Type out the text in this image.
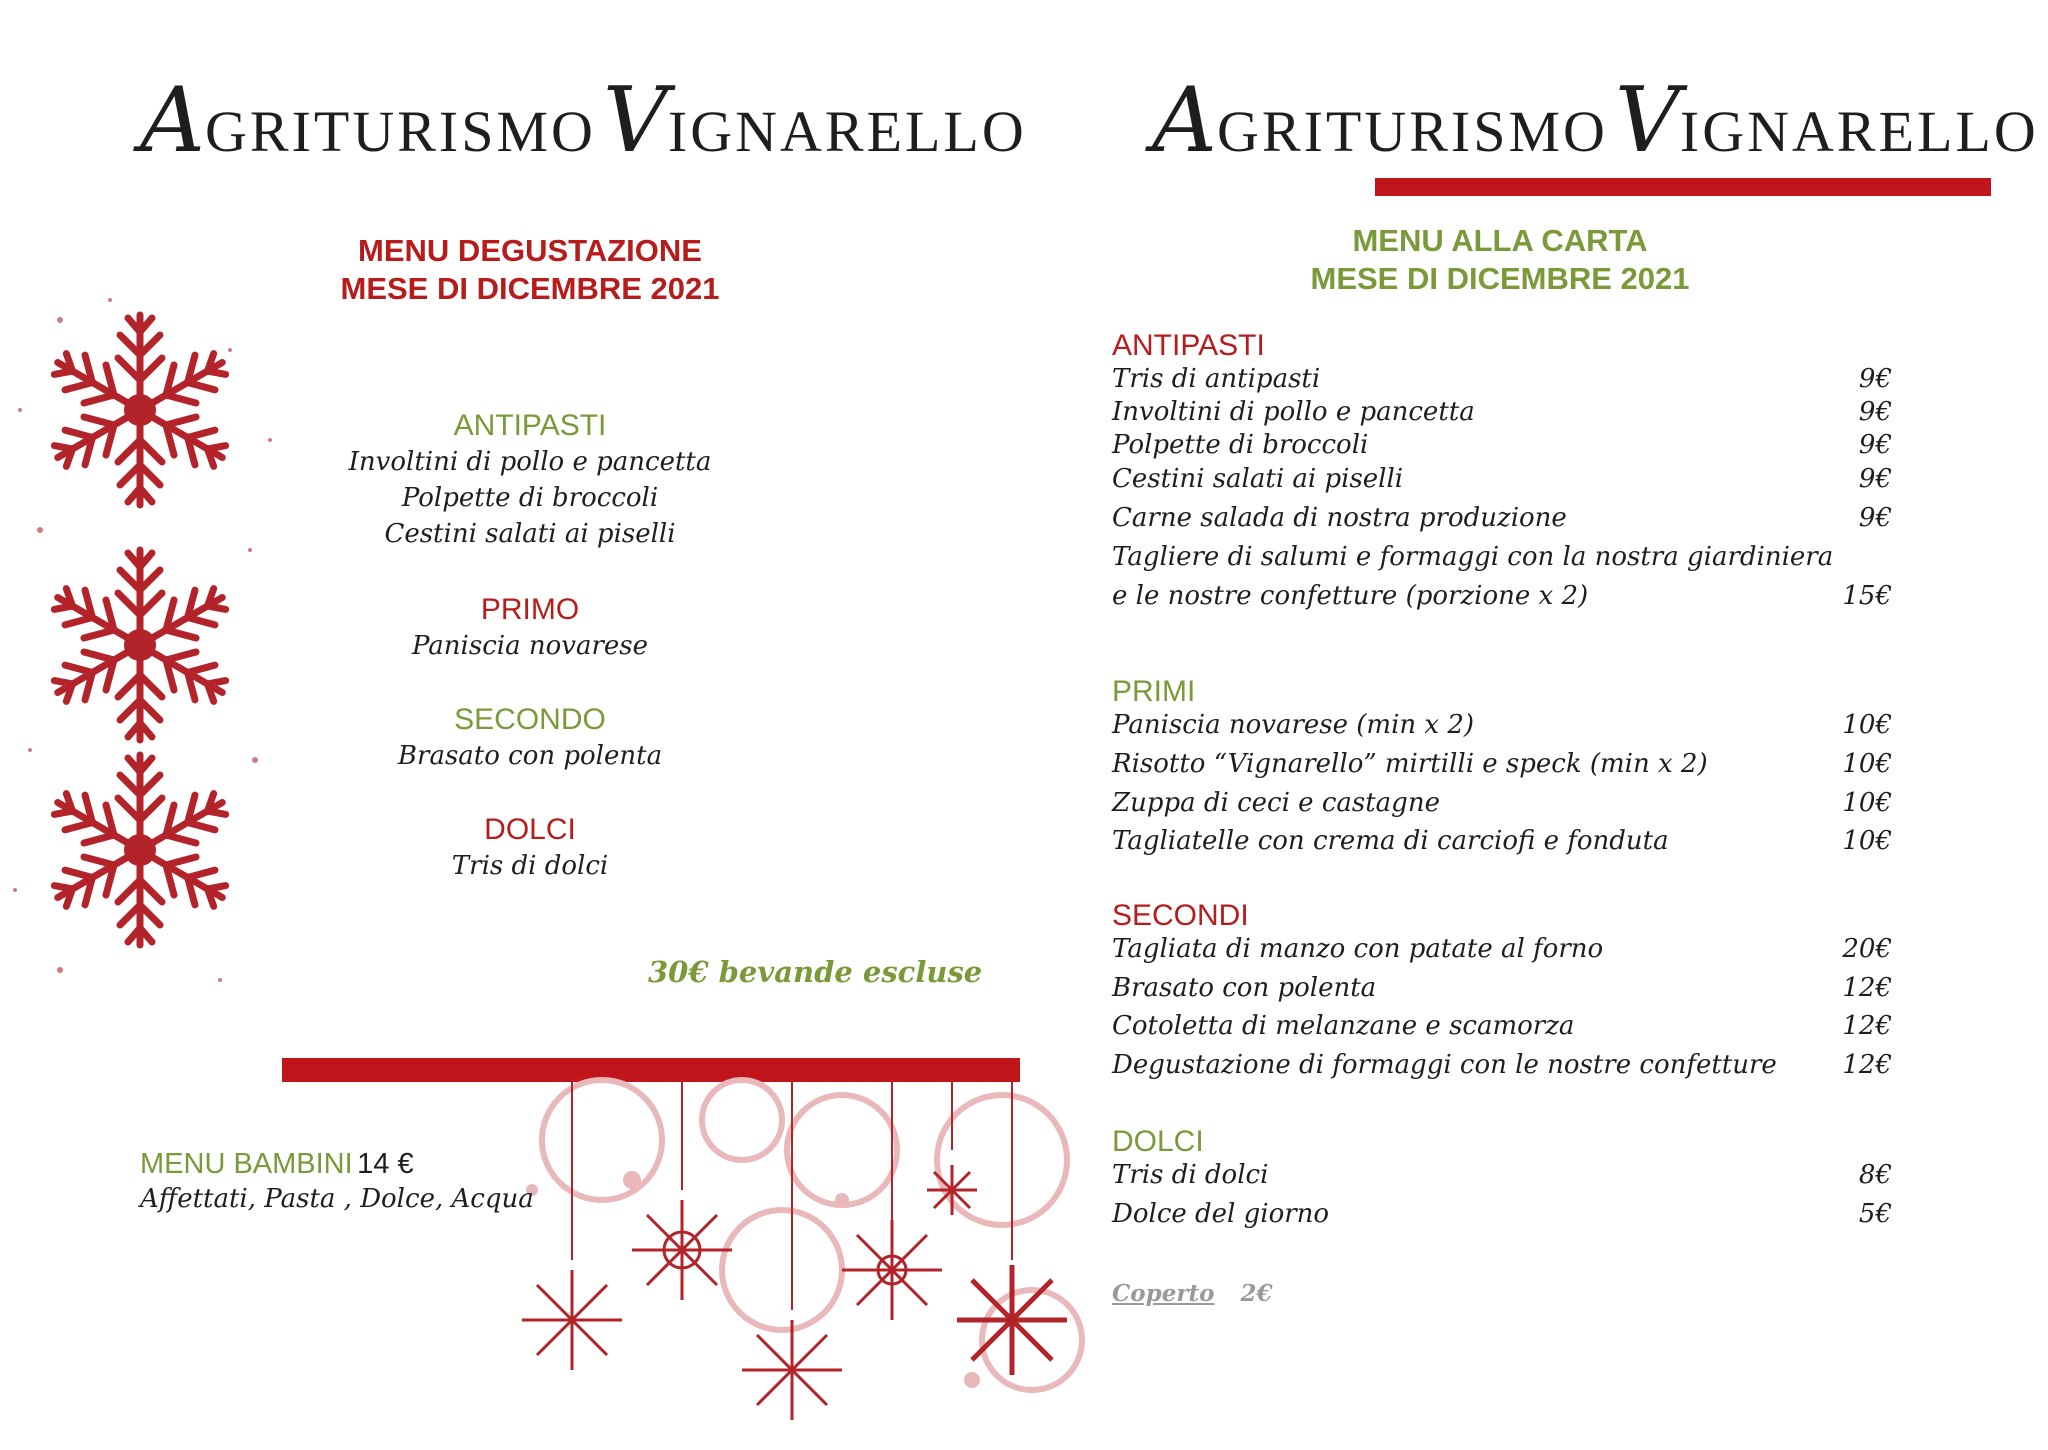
AGRITURISMO VIGNARELLO
MENU DEGUSTAZIONE
MESE DI DICEMBRE 2021
ANTIPASTI
Involtini di pollo e pancetta
Polpette di broccoli
Cestini salati ai piselli
PRIMO
Paniscia novarese
SECONDO
Brasato con polenta
DOLCI
Tris di dolci
30€ bevande escluse
MENU BAMBINI 14 €
Affettati, Pasta , Dolce, Acqua
AGRITURISMO VIGNARELLO
MENU ALLA CARTA
MESE DI DICEMBRE 2021
ANTIPASTI
Tris di antipasti	9€
Involtini di pollo e pancetta	9€
Polpette di broccoli	9€
Cestini salati ai piselli	9€
Carne salada di nostra produzione	9€
Tagliere di salumi e formaggi con la nostra giardiniera
e le nostre confetture (porzione x 2)	15€
PRIMI
Paniscia novarese (min x 2)	10€
Risotto “Vignarello” mirtilli e speck (min x 2)	10€
Zuppa di ceci e castagne	10€
Tagliatelle con crema di carciofi e fonduta	10€
SECONDI
Tagliata di manzo con patate al forno	20€
Brasato con polenta	12€
Cotoletta di melanzane e scamorza	12€
Degustazione di formaggi con le nostre confetture	12€
DOLCI
Tris di dolci	8€
Dolce del giorno	5€
Coperto 2€
